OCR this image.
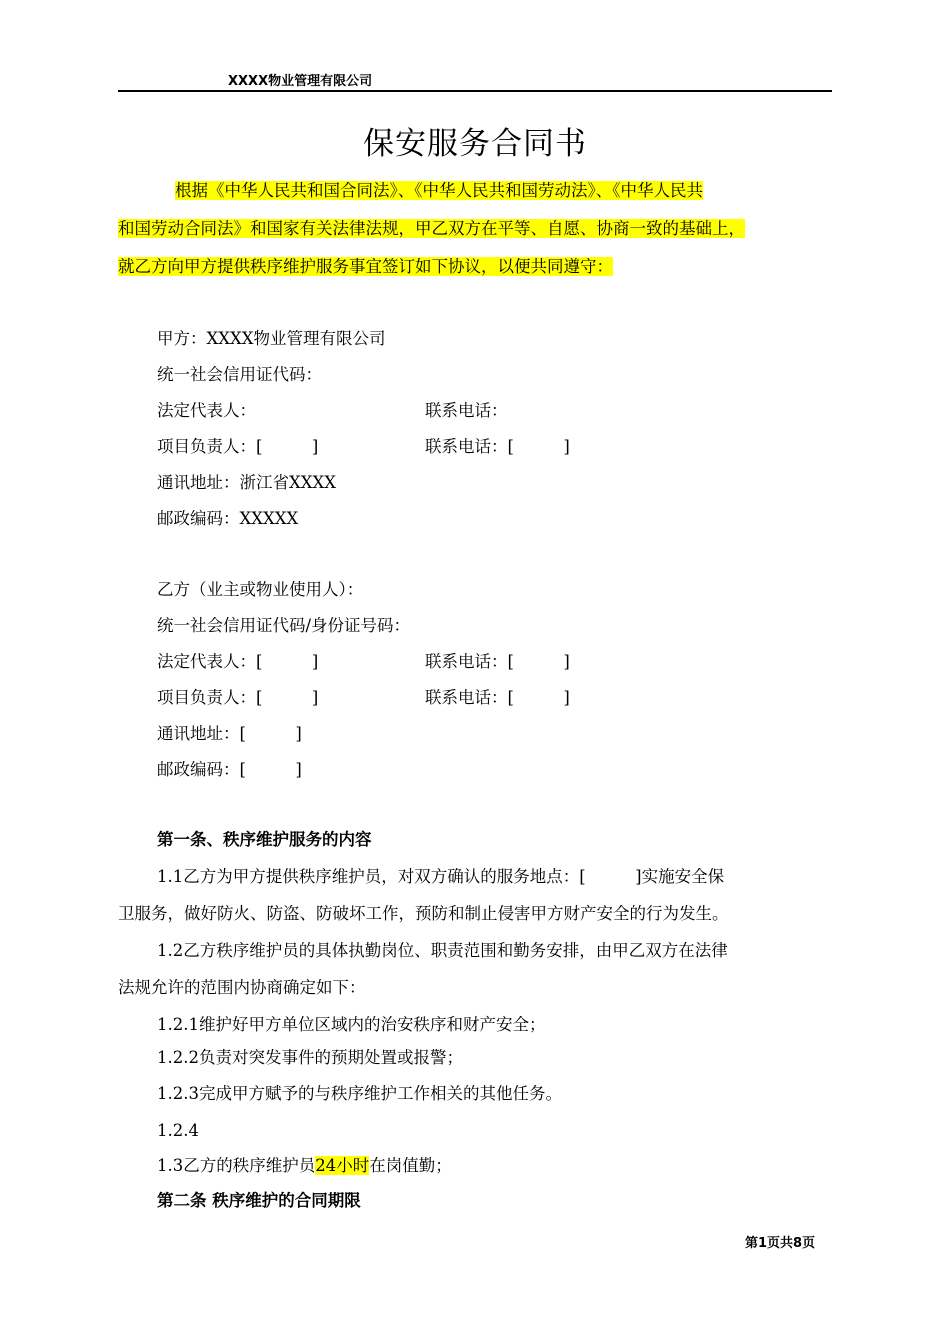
XXXX物业管理有限公司
保安服务合同书
根据《中华人民共和国合同法》、《中华人民共和国劳动法》、《中华人民共
和国劳动合同法》和国家有关法律法规，甲乙双方在平等、自愿、协商一致的基础上，
就乙方向甲方提供秩序维护服务事宜签订如下协议，以便共同遵守：
甲方：XXXX物业管理有限公司
统一社会信用证代码：
法定代表人：	联系电话：
项目负责人：[　　　]	联系电话：[　　　]
通讯地址：浙江省XXXX
邮政编码：XXXXX
乙方（业主或物业使用人）：
统一社会信用证代码/身份证号码：
法定代表人：[　　　]	联系电话：[　　　]
项目负责人：[　　　]	联系电话：[　　　]
通讯地址：[　　　]
邮政编码：[　　　]
第一条、秩序维护服务的内容
1.1乙方为甲方提供秩序维护员，对双方确认的服务地点：[　　　]实施安全保
卫服务，做好防火、防盗、防破坏工作，预防和制止侵害甲方财产安全的行为发生。
1.2乙方秩序维护员的具体执勤岗位、职责范围和勤务安排，由甲乙双方在法律
法规允许的范围内协商确定如下：
1.2.1维护好甲方单位区域内的治安秩序和财产安全；
1.2.2负责对突发事件的预期处置或报警；
1.2.3完成甲方赋予的与秩序维护工作相关的其他任务。
1.2.4
1.3乙方的秩序维护员24小时在岗值勤；
第二条 秩序维护的合同期限
第1页共8页
